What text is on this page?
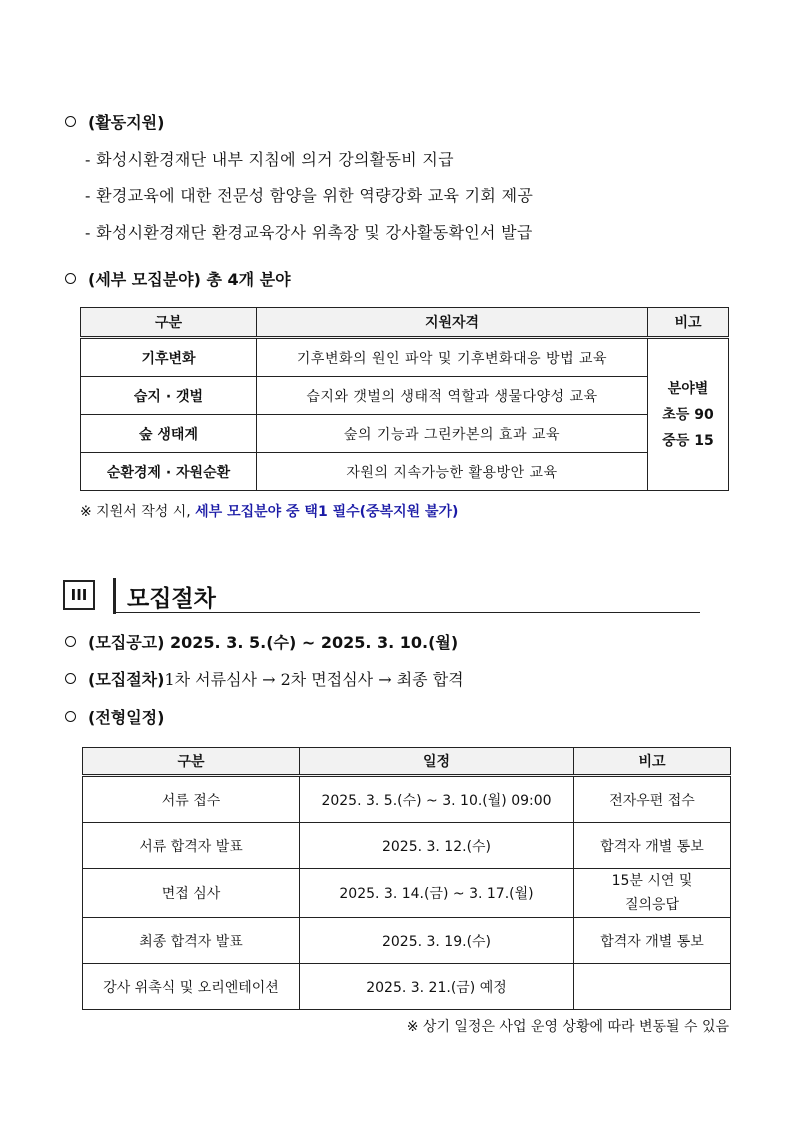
(활동지원)
- 화성시환경재단 내부 지침에 의거 강의활동비 지급
- 환경교육에 대한 전문성 함양을 위한 역량강화 교육 기회 제공
- 화성시환경재단 환경교육강사 위촉장 및 강사활동확인서 발급
(세부 모집분야) 총 4개 분야
구분	지원자격	비고
기후변화	기후변화의 원인 파악 및 기후변화대응 방법 교육	분야별
초등 90
중등 15

습지 · 갯벌	습지와 갯벌의 생태적 역할과 생물다양성 교육	
숲 생태계	숲의 기능과 그린카본의 효과 교육	
순환경제 · 자원순환	자원의 지속가능한 활용방안 교육	
※ 지원서 작성 시, 세부 모집분야 중 택1 필수(중복지원 불가)
III	모집절차
(모집공고) 2025. 3. 5.(수) ~ 2025. 3. 10.(월)
(모집절차) 1차 서류심사 → 2차 면접심사 → 최종 합격
(전형일정)
구분	일정	비고
서류 접수	2025. 3. 5.(수) ~ 3. 10.(월) 09:00	전자우편 접수
서류 합격자 발표	2025. 3. 12.(수)	합격자 개별 통보
면접 심사	2025. 3. 14.(금) ~ 3. 17.(월)	15분 시연 및
질의응답
최종 합격자 발표	2025. 3. 19.(수)	합격자 개별 통보
강사 위촉식 및 오리엔테이션	2025. 3. 21.(금) 예정	
※ 상기 일정은 사업 운영 상황에 따라 변동될 수 있음
